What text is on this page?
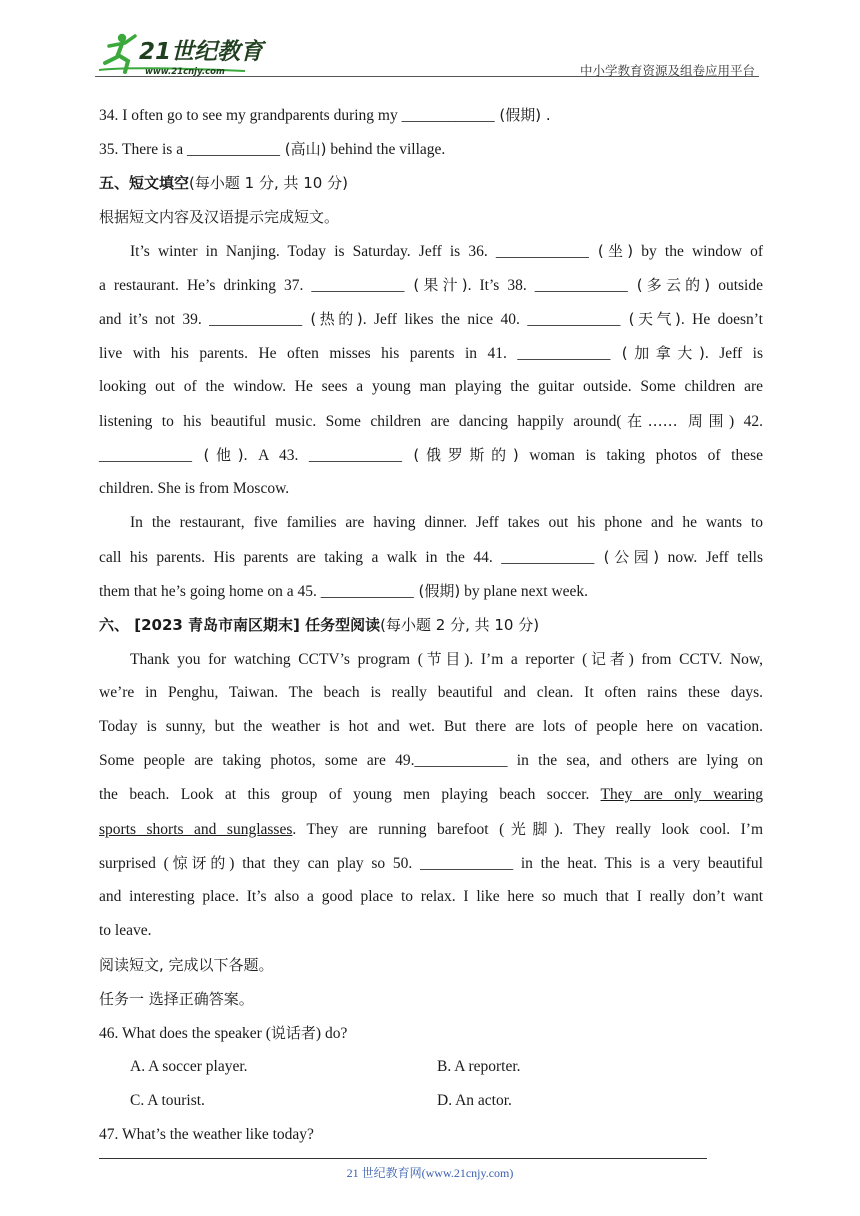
21世纪教育
www.21cnjy.com	中小学教育资源及组卷应用平台
34. I often go to see my grandparents during my ____________ (假期) .
35. There is a ____________ (高山) behind the village.
五、短文填空(每小题 1 分, 共 10 分)
根据短文内容及汉语提示完成短文。
It’s winter in Nanjing. Today is Saturday. Jeff is 36. ____________ (坐) by the window of
a restaurant. He’s drinking 37. ____________ (果汁). It’s 38. ____________ (多云的) outside
and it’s not 39. ____________ (热的). Jeff likes the nice 40. ____________ (天气). He doesn’t
live with his parents. He often misses his parents in 41. ____________ (加拿大). Jeff is
looking out of the window. He sees a young man playing the guitar outside. Some children are
listening to his beautiful music. Some children are dancing happily around(在…… 周围) 42.
____________ (他). A 43. ____________ (俄罗斯的) woman is taking photos of these
children. She is from Moscow.
In the restaurant, five families are having dinner. Jeff takes out his phone and he wants to
call his parents. His parents are taking a walk in the 44. ____________ (公园) now. Jeff tells
them that he’s going home on a 45. ____________ (假期) by plane next week.
六、 [2023 青岛市南区期末] 任务型阅读(每小题 2 分, 共 10 分)
Thank you for watching CCTV’s program (节目). I’m a reporter (记者) from CCTV. Now,
we’re in Penghu, Taiwan. The beach is really beautiful and clean. It often rains these days.
Today is sunny, but the weather is hot and wet. But there are lots of people here on vacation.
Some people are taking photos, some are 49.____________ in the sea, and others are lying on
the beach. Look at this group of young men playing beach soccer. They are only wearing
sports shorts and sunglasses. They are running barefoot (光脚). They really look cool. I’m
surprised (惊讶的) that they can play so 50. ____________ in the heat. This is a very beautiful
and interesting place. It’s also a good place to relax. I like here so much that I really don’t want
to leave.
阅读短文, 完成以下各题。
任务一 选择正确答案。
46. What does the speaker (说话者) do?
A. A soccer player.	B. A reporter.
C. A tourist.	D. An actor.
47. What’s the weather like today?
21 世纪教育网(www.21cnjy.com)
